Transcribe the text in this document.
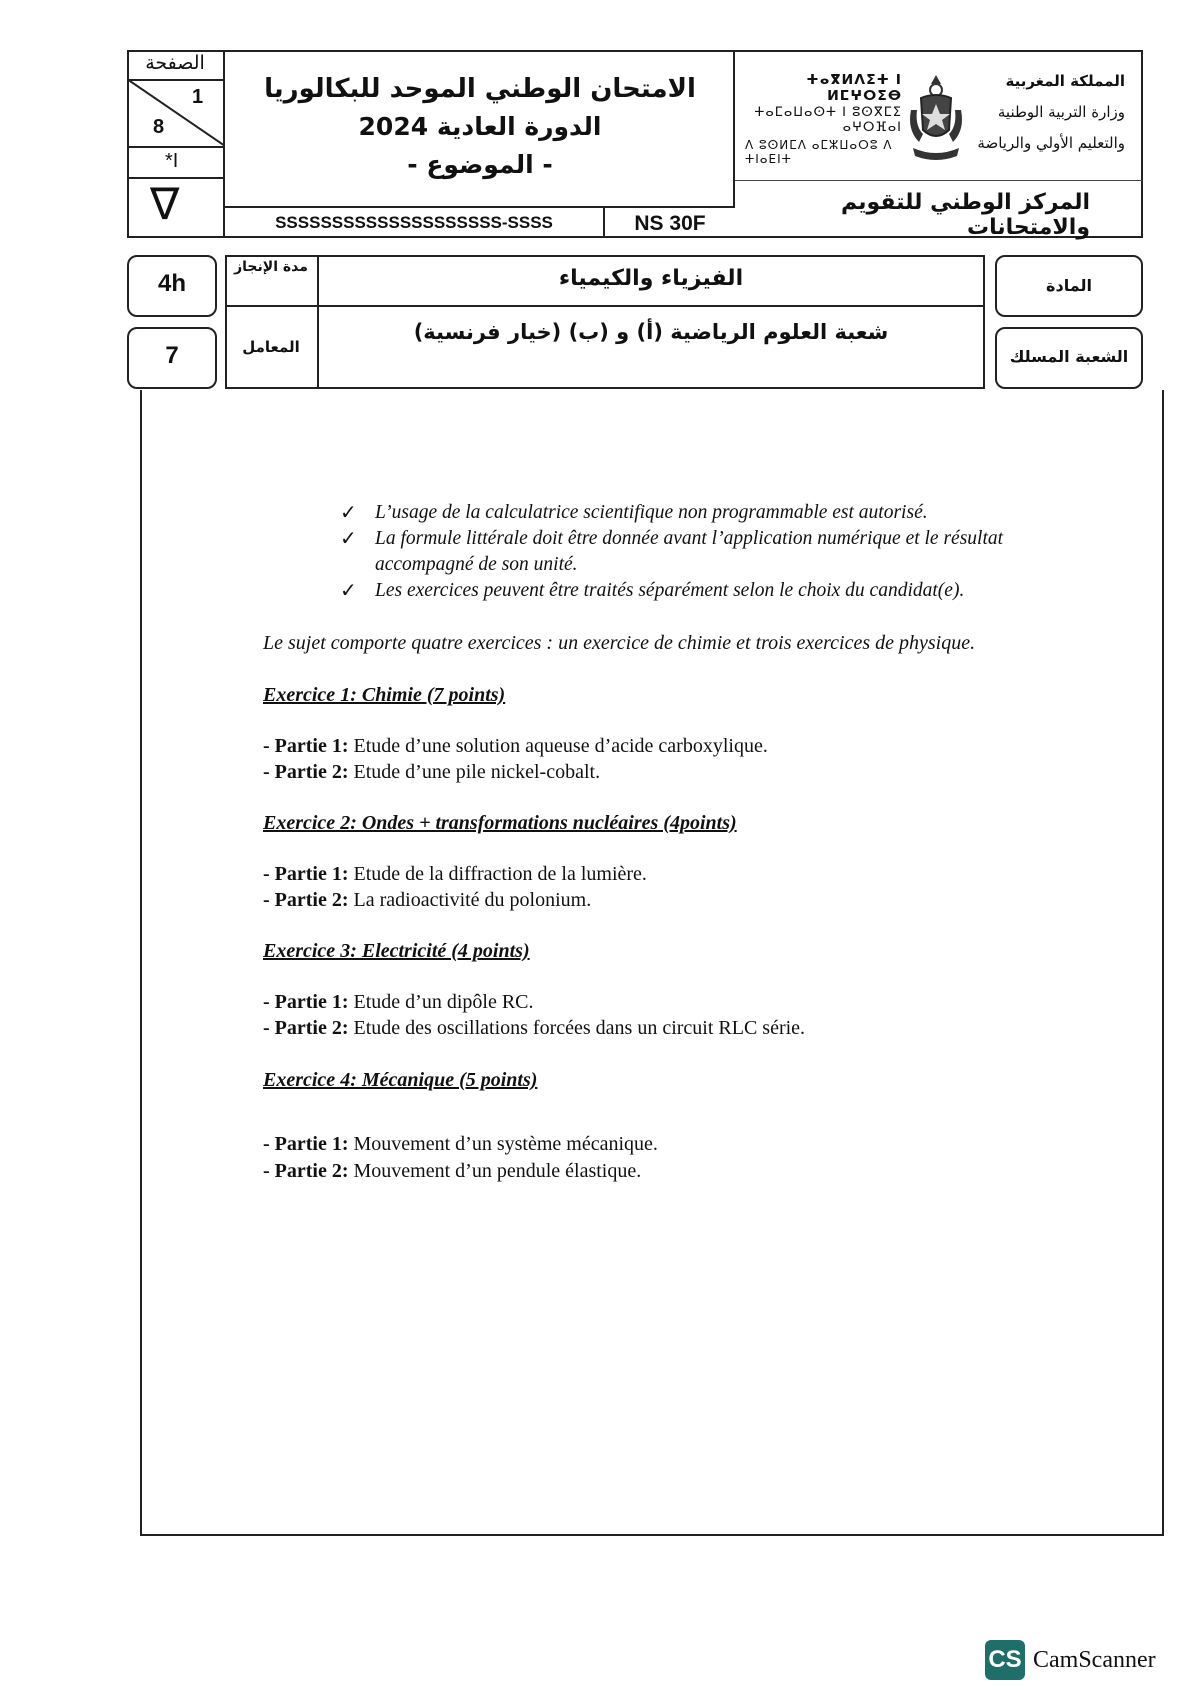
الصفحة
1
8
*I
∇
الامتحان الوطني الموحد للبكالوريا
الدورة العادية 2024
- الموضوع -
SSSSSSSSSSSSSSSSSSSS-SSSS	NS 30F
المملكة المغربية
وزارة التربية الوطنية
والتعليم الأولي والرياضة
ⵜⴰⴳⵍⴷⵉⵜ ⵏ ⵍⵎⵖⵔⵉⴱ
ⵜⴰⵎⴰⵡⴰⵙⵜ ⵏ ⵓⵙⴳⵎⵉ ⴰⵖⵔⴼⴰⵏ
ⴷ ⵓⵙⵍⵎⴷ ⴰⵎⵣⵡⴰⵔⵓ ⴷ ⵜⵏⴰⴹⵏⵜ
المركز الوطني للتقويم والامتحانات
4h
7
مدة الإنجاز
المعامل
الفيزياء والكيمياء
شعبة العلوم الرياضية (أ) و (ب) (خيار فرنسية)
المادة
الشعبة المسلك
✓ L’usage de la calculatrice scientifique non programmable est autorisé.
✓ La formule littérale doit être donnée avant l’application numérique et le résultat accompagné de son unité.
✓ Les exercices peuvent être traités séparément selon le choix du candidat(e).
Le sujet comporte quatre exercices : un exercice de chimie et trois exercices de physique.
Exercice 1: Chimie (7 points)
- Partie 1: Etude d’une solution aqueuse d’acide carboxylique.
- Partie 2: Etude d’une pile nickel-cobalt.
Exercice 2: Ondes + transformations nucléaires (4points)
- Partie 1: Etude de la diffraction de la lumière.
- Partie 2: La radioactivité du polonium.
Exercice 3: Electricité (4 points)
- Partie 1: Etude d’un dipôle RC.
- Partie 2: Etude des oscillations forcées dans un circuit RLC série.
Exercice 4: Mécanique (5 points)
- Partie 1: Mouvement d’un système mécanique.
- Partie 2: Mouvement d’un pendule élastique.
CS CamScanner
